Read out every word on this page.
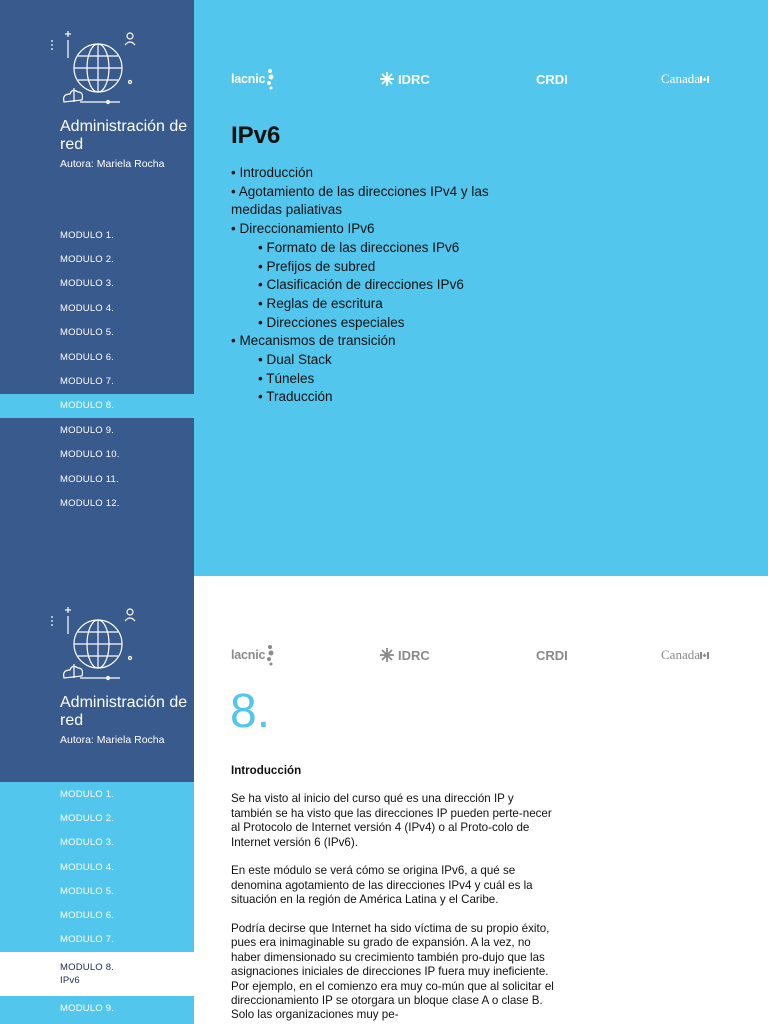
Administración de red
Autora: Mariela Rocha
MODULO 1.
MODULO 2.
MODULO 3.
MODULO 4.
MODULO 5.
MODULO 6.
MODULO 7.
MODULO 8.
MODULO 9.
MODULO 10.
MODULO 11.
MODULO 12.
lacnic	IDRC	CRDI	Canada
IPv6
• Introducción
• Agotamiento de las direcciones IPv4 y las medidas paliativas
• Direccionamiento IPv6
• Formato de las direcciones IPv6
• Prefijos de subred
• Clasificación de direcciones IPv6
• Reglas de escritura
• Direcciones especiales
• Mecanismos de transición
• Dual Stack
• Túneles
• Traducción
Administración de red
Autora: Mariela Rocha
MODULO 1.
MODULO 2.
MODULO 3.
MODULO 4.
MODULO 5.
MODULO 6.
MODULO 7.
MODULO 8.
IPv6
MODULO 9.
lacnic	IDRC	CRDI	Canada
8.
Introducción

Se ha visto al inicio del curso qué es una dirección IP y también se ha visto que las direcciones IP pueden perte-necer al Protocolo de Internet versión 4 (IPv4) o al Proto-colo de Internet versión 6 (IPv6).

En este módulo se verá cómo se origina IPv6, a qué se denomina agotamiento de las direcciones IPv4 y cuál es la situación en la región de América Latina y el Caribe.

Podría decirse que Internet ha sido víctima de su propio éxito, pues era inimaginable su grado de expansión. A la vez, no haber dimensionado su crecimiento también pro-dujo que las asignaciones iniciales de direcciones IP fuera muy ineficiente. Por ejemplo, en el comienzo era muy co-mún que al solicitar el direccionamiento IP se otorgara un bloque clase A o clase B. Solo las organizaciones muy pe-
